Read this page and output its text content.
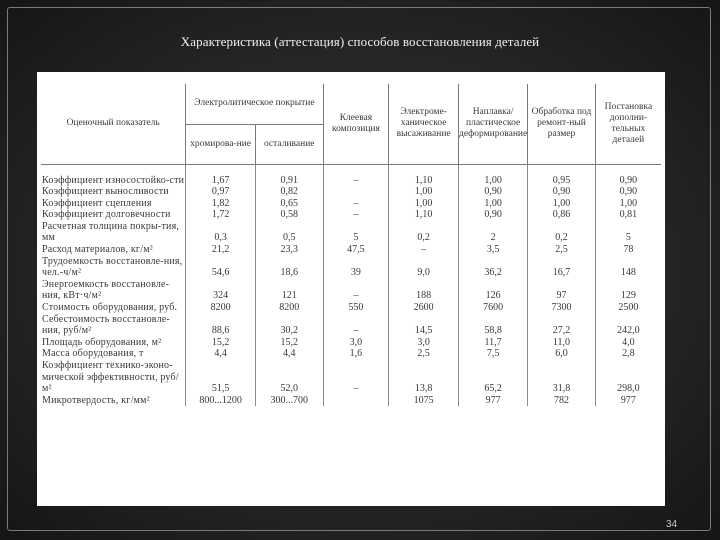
Характеристика (аттестация) способов восстановления деталей
Оценочный показатель	Электролитическое покрытие		Клеевая композиция	Электроме-ханическое высаживание	Наплавка/ пластическое деформирование	Обработка под ремонт-ный размер	Постановка дополни-тельных деталей
	хромирова-ние	осталивание					
Коэффициент износостойко-сти	1,67	0,91	–	1,10	1,00	0,95	0,90
Коэффициент выносливости	0,97	0,82		1,00	0,90	0,90	0,90
Коэффициент сцепления	1,82	0,65	–	1,00	1,00	1,00	1,00
Коэффициент долговечности	1,72	0,58	–	1,10	0,90	0,86	0,81
Расчетная толщина покры-тия, мм	0,3	0,5	5	0,2	2	0,2	5
Расход материалов, кг/м²	21,2	23,3	47,5	–	3,5	2,5	78
Трудоемкость восстановле-ния, чел.-ч/м²	54,6	18,6	39	9,0	36,2	16,7	148
Энергоемкость восстановле-ния, кВт·ч/м²	324	121	–	188	126	97	129
Стоимость оборудования, руб.	8200	8200	550	2600	7600	7300	2500
Себестоимость восстановле-ния, руб/м²	88,6	30,2	–	14,5	58,8	27,2	242,0
Площадь оборудования, м²	15,2	15,2	3,0	3,0	11,7	11,0	4,0
Масса оборудования, т	4,4	4,4	1,6	2,5	7,5	6,0	2,8
Коэффициент технико-эконо-мической эффективности, руб/м²	51,5	52,0	–	13,8	65,2	31,8	298,0
Микротвердость, кг/мм²	800...1200	300...700		1075	977	782	977
34
